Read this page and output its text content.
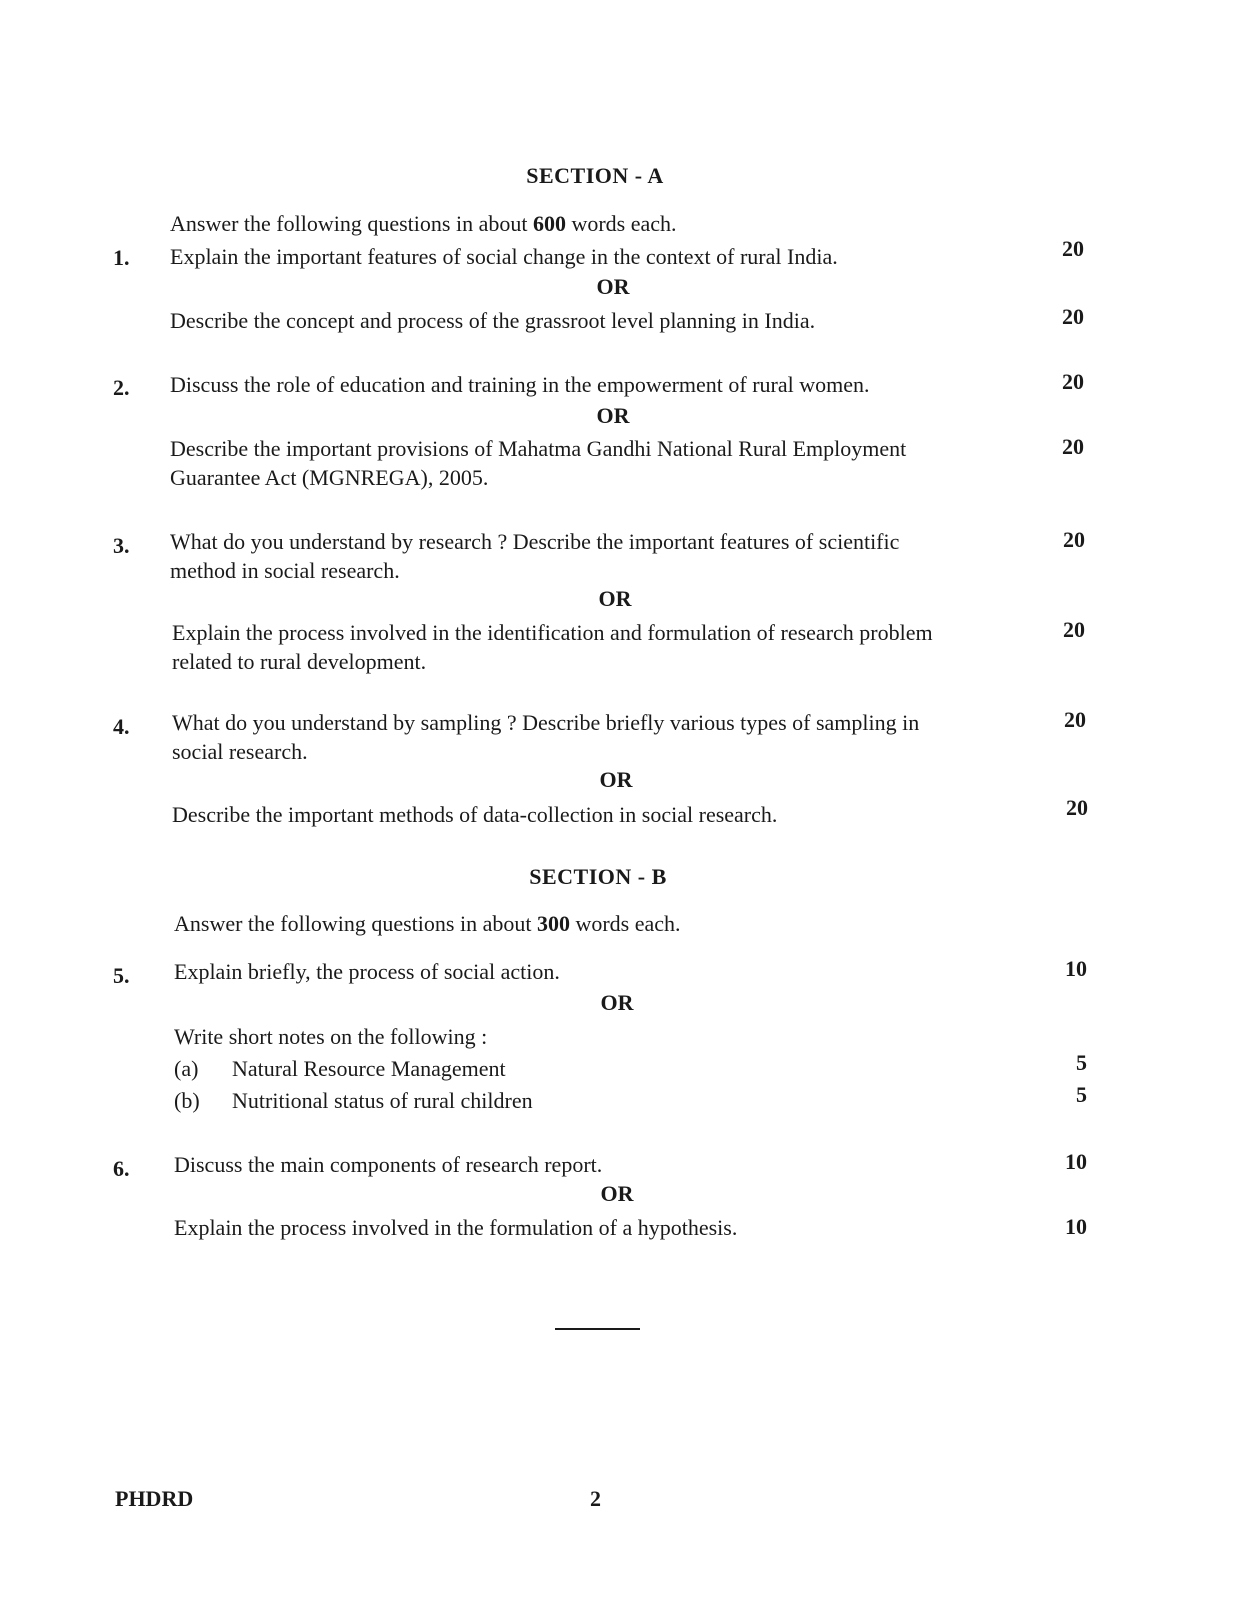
SECTION - A
Answer the following questions in about 600 words each.
1.	Explain the important features of social change in the context of rural India.	20
OR
Describe the concept and process of the grassroot level planning in India.	20
2.	Discuss the role of education and training in the empowerment of rural women.	20
OR
Describe the important provisions of Mahatma Gandhi National Rural Employment
Guarantee Act (MGNREGA), 2005.
20
3.	What do you understand by research ? Describe the important features of scientific
method in social research.
20
OR
Explain the process involved in the identification and formulation of research problem
related to rural development.
20
4.	What do you understand by sampling ? Describe briefly various types of sampling in
social research.
20
OR
Describe the important methods of data-collection in social research.	20
SECTION - B
Answer the following questions in about 300 words each.
5.	Explain briefly, the process of social action.	10
OR
Write short notes on the following :
(a) Natural Resource Management	5
(b) Nutritional status of rural children	5
6.	Discuss the main components of research report.	10
OR
Explain the process involved in the formulation of a hypothesis.	10
PHDRD	2
